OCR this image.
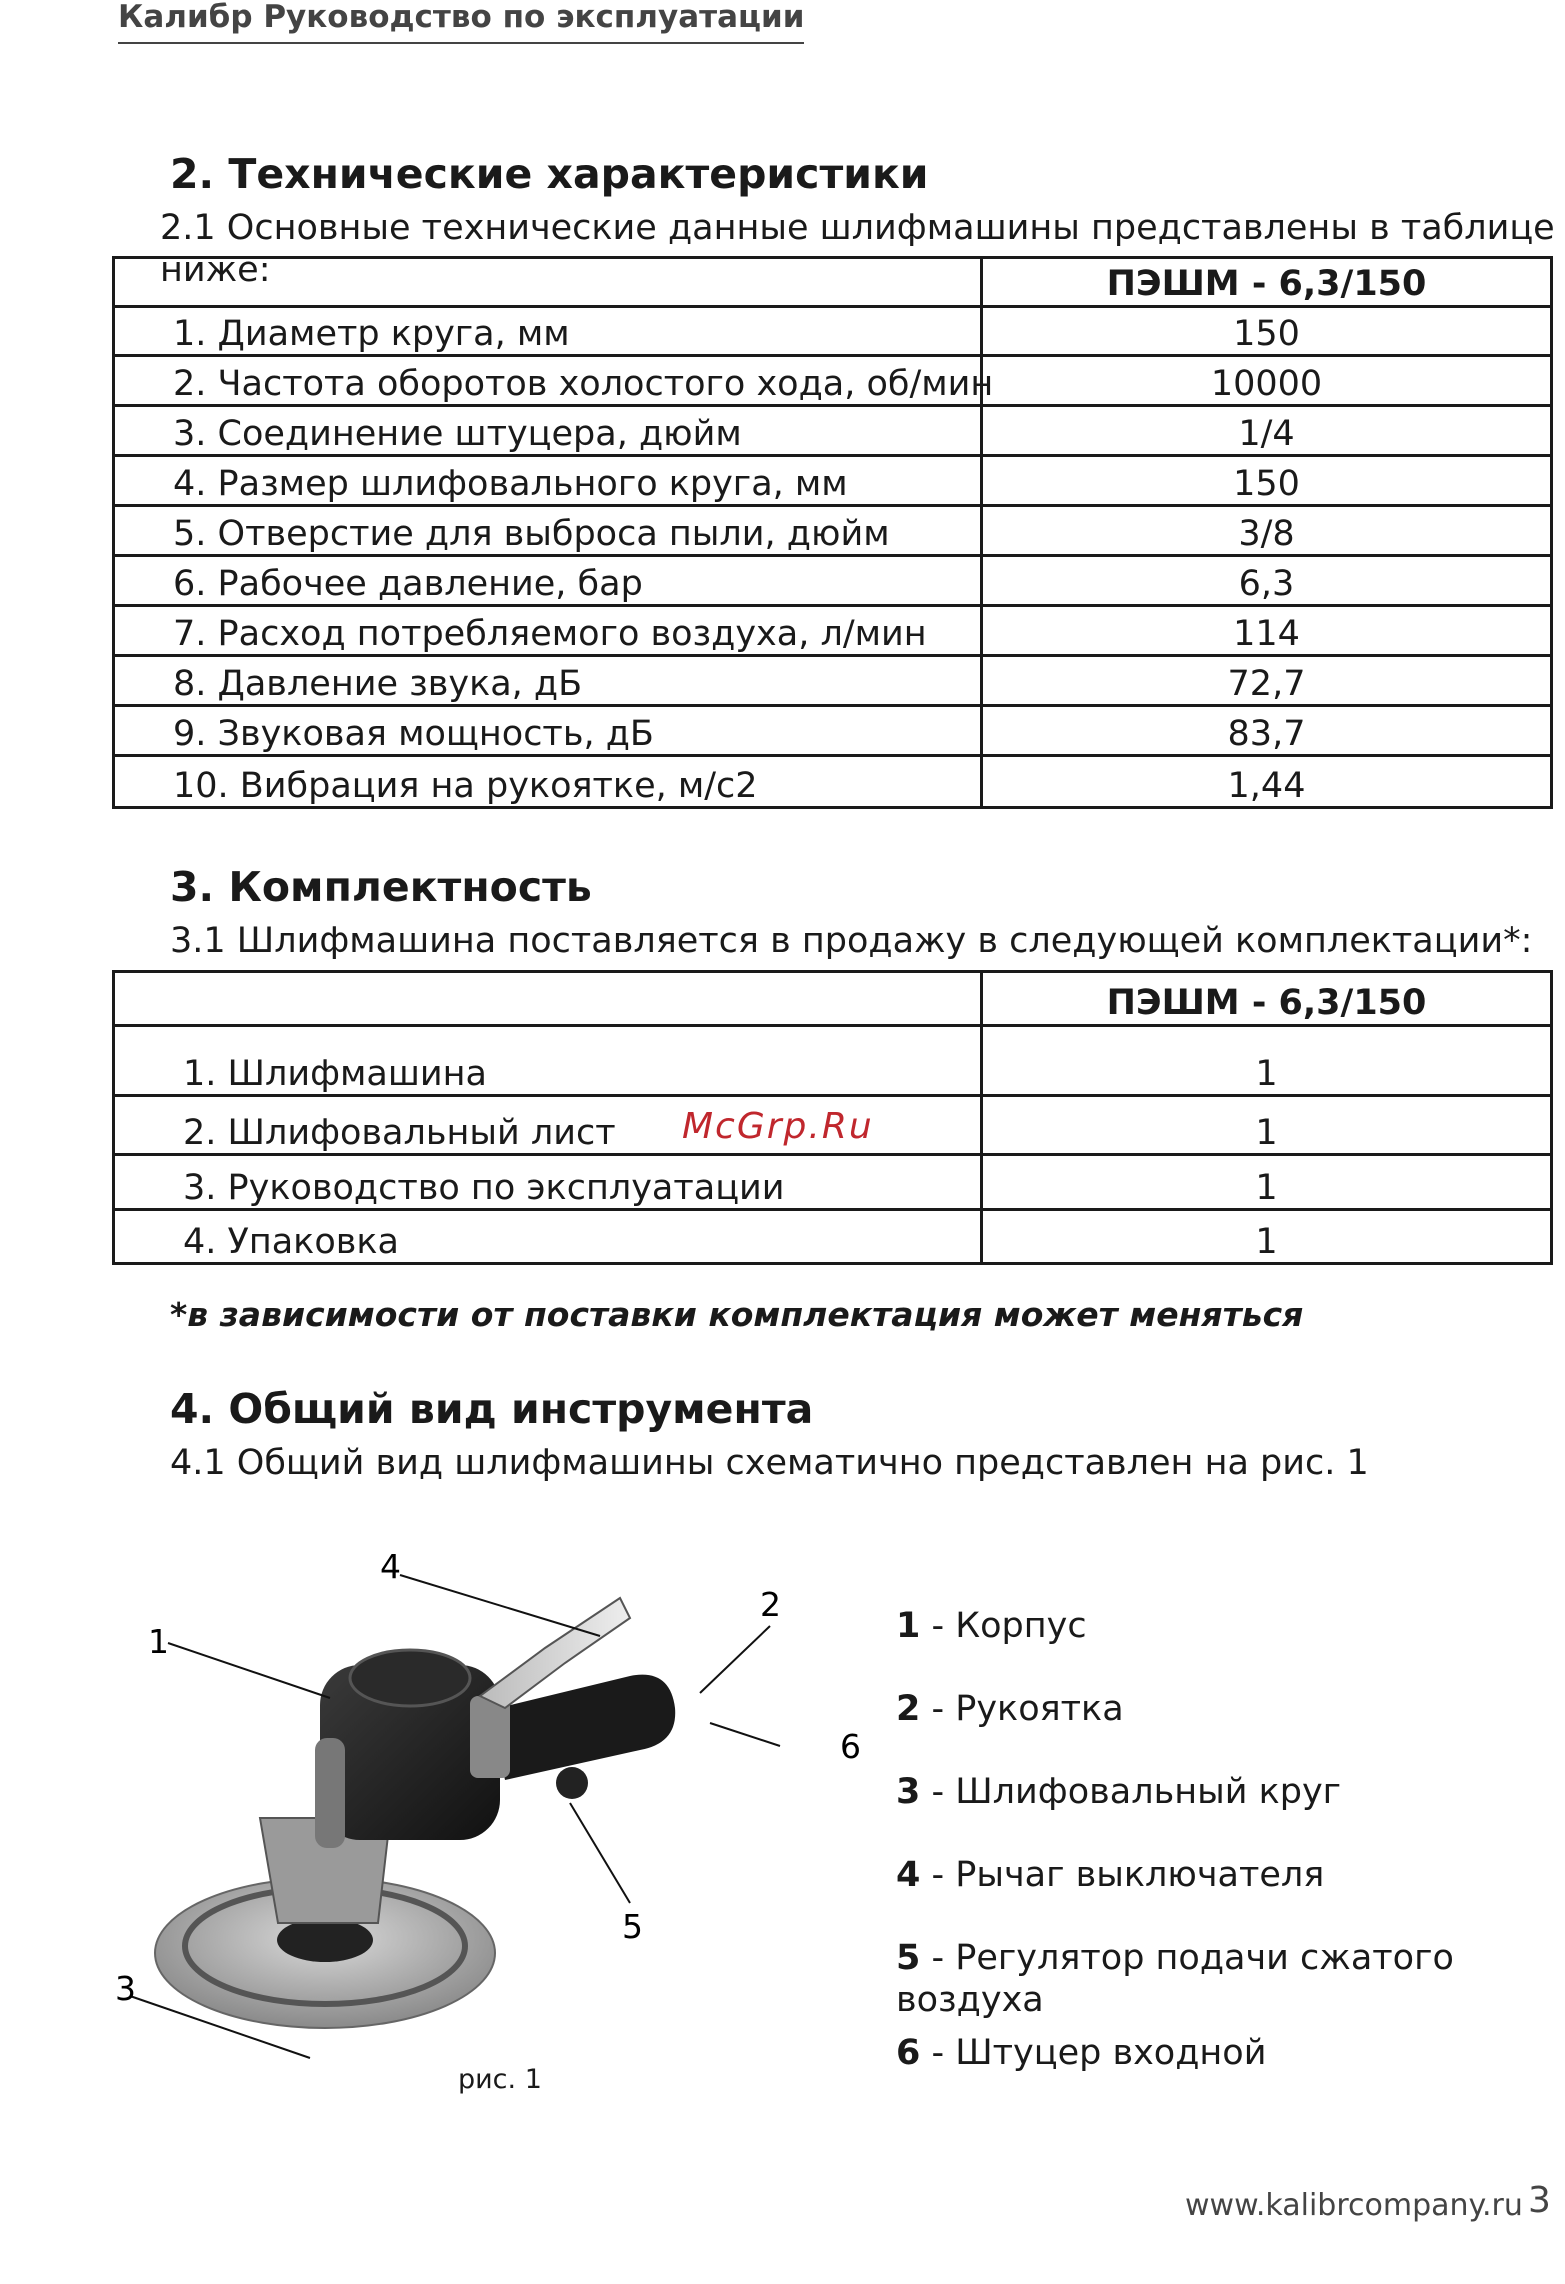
Калибр Руководство по эксплуатации
2. Технические характеристики
2.1 Основные технические данные шлифмашины представлены в таблице ниже:
		ПЭШМ - 6,3/150
1. Диаметр круга, мм	150
2. Частота оборотов холостого хода, об/мин	10000
3. Соединение штуцера, дюйм	1/4
4. Размер шлифовального круга, мм	150
5. Отверстие для выброса пыли, дюйм	3/8
6. Рабочее давление, бар	6,3
7. Расход потребляемого воздуха, л/мин	114
8. Давление звука, дБ	72,7
9. Звуковая мощность, дБ	83,7
10. Вибрация на рукоятке, м/с2	1,44
3. Комплектность
3.1 Шлифмашина поставляется в продажу в следующей комплектации*:
	ПЭШМ - 6,3/150
1. Шлифмашина	1
2. Шлифовальный лист	1
3. Руководство по эксплуатации	1
4. Упаковка	1
McGrp.Ru
*в зависимости от поставки комплектация может меняться
4. Общий вид инструмента
4.1 Общий вид шлифмашины схематично представлен на рис. 1
1
2
3
4
5
6
рис. 1
1 - Корпус
2 - Рукоятка
3 - Шлифовальный круг
4 - Рычаг выключателя
5 - Регулятор подачи сжатого воздуха
6 - Штуцер входной
www.kalibrcompany.ru 3
